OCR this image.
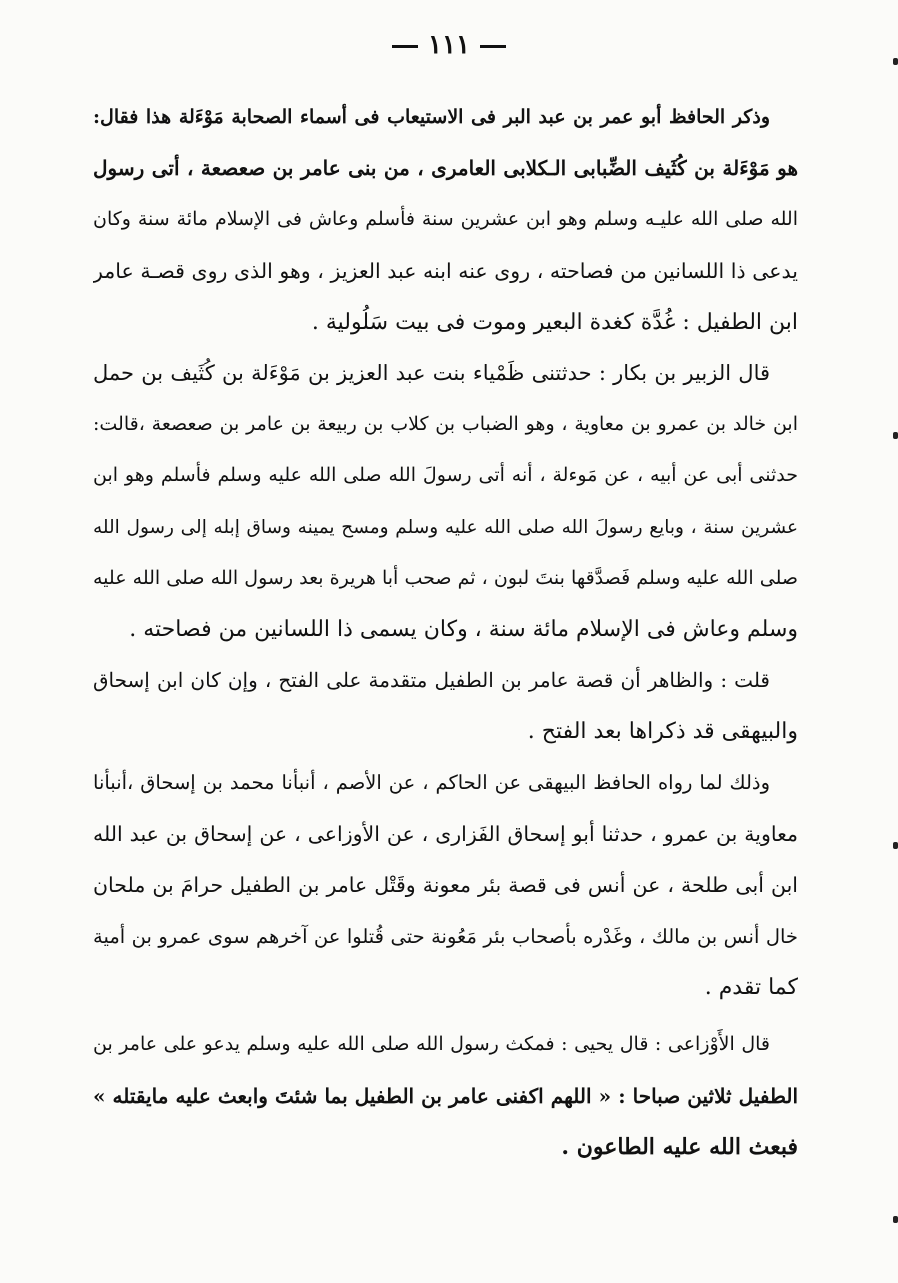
١١١
وذكر الحافظ أبو عمر بن عبد البر فى الاستيعاب فى أسماء الصحابة مَوْءَلة هذا فقال:
هو مَوْءَلة بن كُثَيف الضِّبابى الـكلابى العامرى ، من بنى عامر بن صعصعة ، أتى رسول
الله صلى الله عليـه وسلم وهو ابن عشرين سنة فأسلم وعاش فى الإسلام مائة سنة وكان
يدعى ذا اللسانين من فصاحته ، روى عنه ابنه عبد العزيز ، وهو الذى روى قصـة عامر
ابن الطفيل : غُدَّة كغدة البعير وموت فى بيت سَلُولية .
قال الزبير بن بكار : حدثتنى ظَمْياء بنت عبد العزيز بن مَوْءَلة بن كُثَيف بن حمل
ابن خالد بن عمرو بن معاوية ، وهو الضباب بن كلاب بن ربيعة بن عامر بن صعصعة ،قالت:
حدثنى أبى عن أبيه ، عن مَوءلة ، أنه أتى رسولَ الله صلى الله عليه وسلم فأسلم وهو ابن
عشرين سنة ، وبايع رسولَ الله صلى الله عليه وسلم ومسح يمينه وساق إبله إلى رسول الله
صلى الله عليه وسلم فَصدَّقها بنتَ لبون ، ثم صحب أبا هريرة بعد رسول الله صلى الله عليه
وسلم وعاش فى الإسلام مائة سنة ، وكان يسمى ذا اللسانين من فصاحته .
قلت : والظاهر أن قصة عامر بن الطفيل متقدمة على الفتح ، وإن كان ابن إسحاق
والبيهقى قد ذكراها بعد الفتح .
وذلك لما رواه الحافظ البيهقى عن الحاكم ، عن الأصم ، أنبأنا محمد بن إسحاق ،أنبأنا
معاوية بن عمرو ، حدثنا أبو إسحاق الفَزارى ، عن الأوزاعى ، عن إسحاق بن عبد الله
ابن أبى طلحة ، عن أنس فى قصة بئر معونة وقَتْل عامر بن الطفيل حرامَ بن ملحان
خال أنس بن مالك ، وغَدْره بأصحاب بئر مَعُونة حتى قُتلوا عن آخرهم سوى عمرو بن أمية
كما تقدم .
قال الأَوْزاعى : قال يحيى : فمكث رسول الله صلى الله عليه وسلم يدعو على عامر بن
الطفيل ثلاثين صباحا : « اللهم اكفنى عامر بن الطفيل بما شئتَ وابعث عليه مايقتله »
فبعث الله عليه الطاعون .
